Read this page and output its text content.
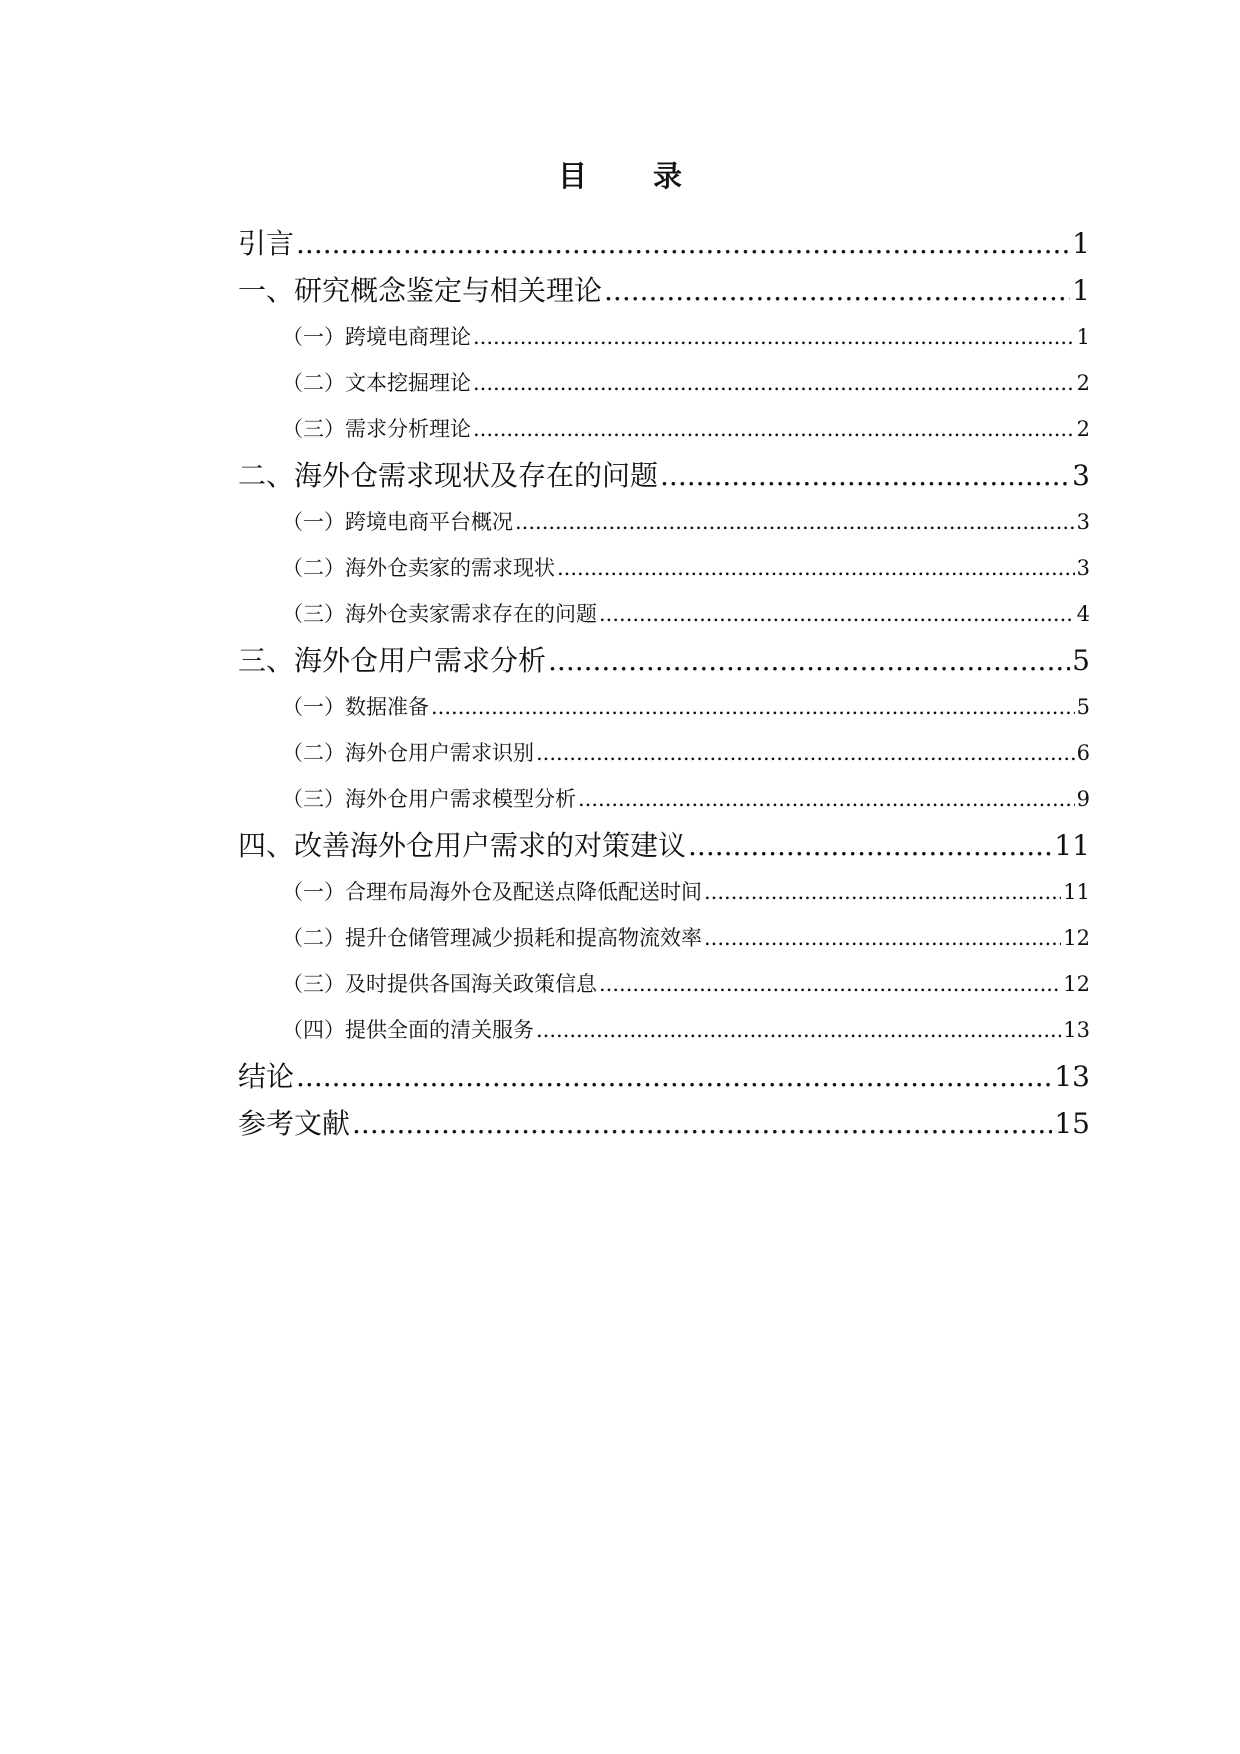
目 录
引言 .....	1
一、研究概念鉴定与相关理论 .....	1
（一）跨境电商理论 .....	1
（二）文本挖掘理论 .....	2
（三）需求分析理论 .....	2
二、海外仓需求现状及存在的问题 .....	3
（一）跨境电商平台概况 .....	3
（二）海外仓卖家的需求现状 .....	3
（三）海外仓卖家需求存在的问题 .....	4
三、海外仓用户需求分析 .....	5
（一）数据准备 .....	5
（二）海外仓用户需求识别 .....	6
（三）海外仓用户需求模型分析 .....	9
四、改善海外仓用户需求的对策建议 .....	11
（一）合理布局海外仓及配送点降低配送时间 .....	11
（二）提升仓储管理减少损耗和提高物流效率 .....	12
（三）及时提供各国海关政策信息 .....	12
（四）提供全面的清关服务 .....	13
结论 .....	13
参考文献 .....	15
